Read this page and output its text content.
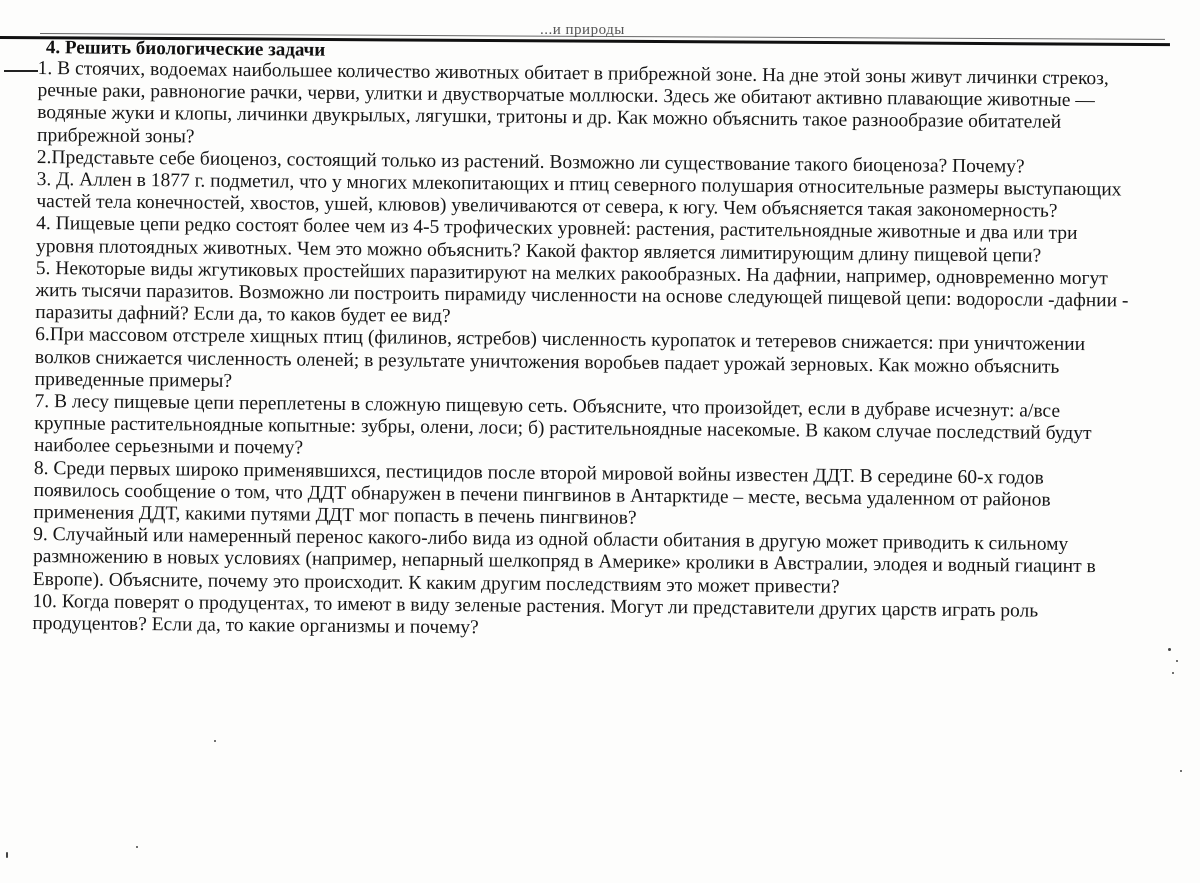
...и природы

4. Решить биологические задачи

1. В стоячих, водоемах наибольшее количество животных обитает в прибрежной зоне. На дне этой зоны живут личинки стрекоз, речные раки, равноногие рачки, черви, улитки и двустворчатые моллюски. Здесь же обитают активно плавающие животные — водяные жуки и клопы, личинки двукрылых, лягушки, тритоны и др. Как можно объяснить такое разнообразие обитателей прибрежной зоны?

2.Представьте себе биоценоз, состоящий только из растений. Возможно ли существование такого биоценоза? Почему?

3. Д. Аллен в 1877 г. подметил, что у многих млекопитающих и птиц северного полушария относительные размеры выступающих частей тела конечностей, хвостов, ушей, клювов) увеличиваются от севера, к югу. Чем объясняется такая закономерность?

4. Пищевые цепи редко состоят более чем из 4-5 трофических уровней: растения, растительноядные животные и два или три уровня плотоядных животных. Чем это можно объяснить? Какой фактор является лимитирующим длину пищевой цепи?

5. Некоторые виды жгутиковых простейших паразитируют на мелких ракообразных. На дафнии, например, одновременно могут жить тысячи паразитов. Возможно ли построить пирамиду численности на основе следующей пищевой цепи: водоросли -дафнии - паразиты дафний? Если да, то каков будет ее вид?

6.При массовом отстреле хищных птиц (филинов, ястребов) численность куропаток и тетеревов снижается: при уничтожении волков снижается численность оленей; в результате уничтожения воробьев падает урожай зерновых. Как можно объяснить приведенные примеры?

7. В лесу пищевые цепи переплетены в сложную пищевую сеть. Объясните, что произойдет, если в дубраве исчезнут: а/все крупные растительноядные копытные: зубры, олени, лоси; б) растительноядные насекомые. В каком случае последствий будут наиболее серьезными и почему?

8. Среди первых широко применявшихся, пестицидов после второй мировой войны известен ДДТ. В середине 60-х годов появилось сообщение о том, что ДДТ обнаружен в печени пингвинов в Антарктиде – месте, весьма удаленном от районов применения ДДТ, какими путями ДДТ мог попасть в печень пингвинов?

9. Случайный или намеренный перенос какого-либо вида из одной области обитания в другую может приводить к сильному размножению в новых условиях (например, непарный шелкопряд в Америке» кролики в Австралии, элодея и водный гиацинт в Европе). Объясните, почему это происходит. К каким другим последствиям это может привести?

10. Когда поверят о продуцентах, то имеют в виду зеленые растения. Могут ли представители других царств играть роль продуцентов? Если да, то какие организмы и почему?
